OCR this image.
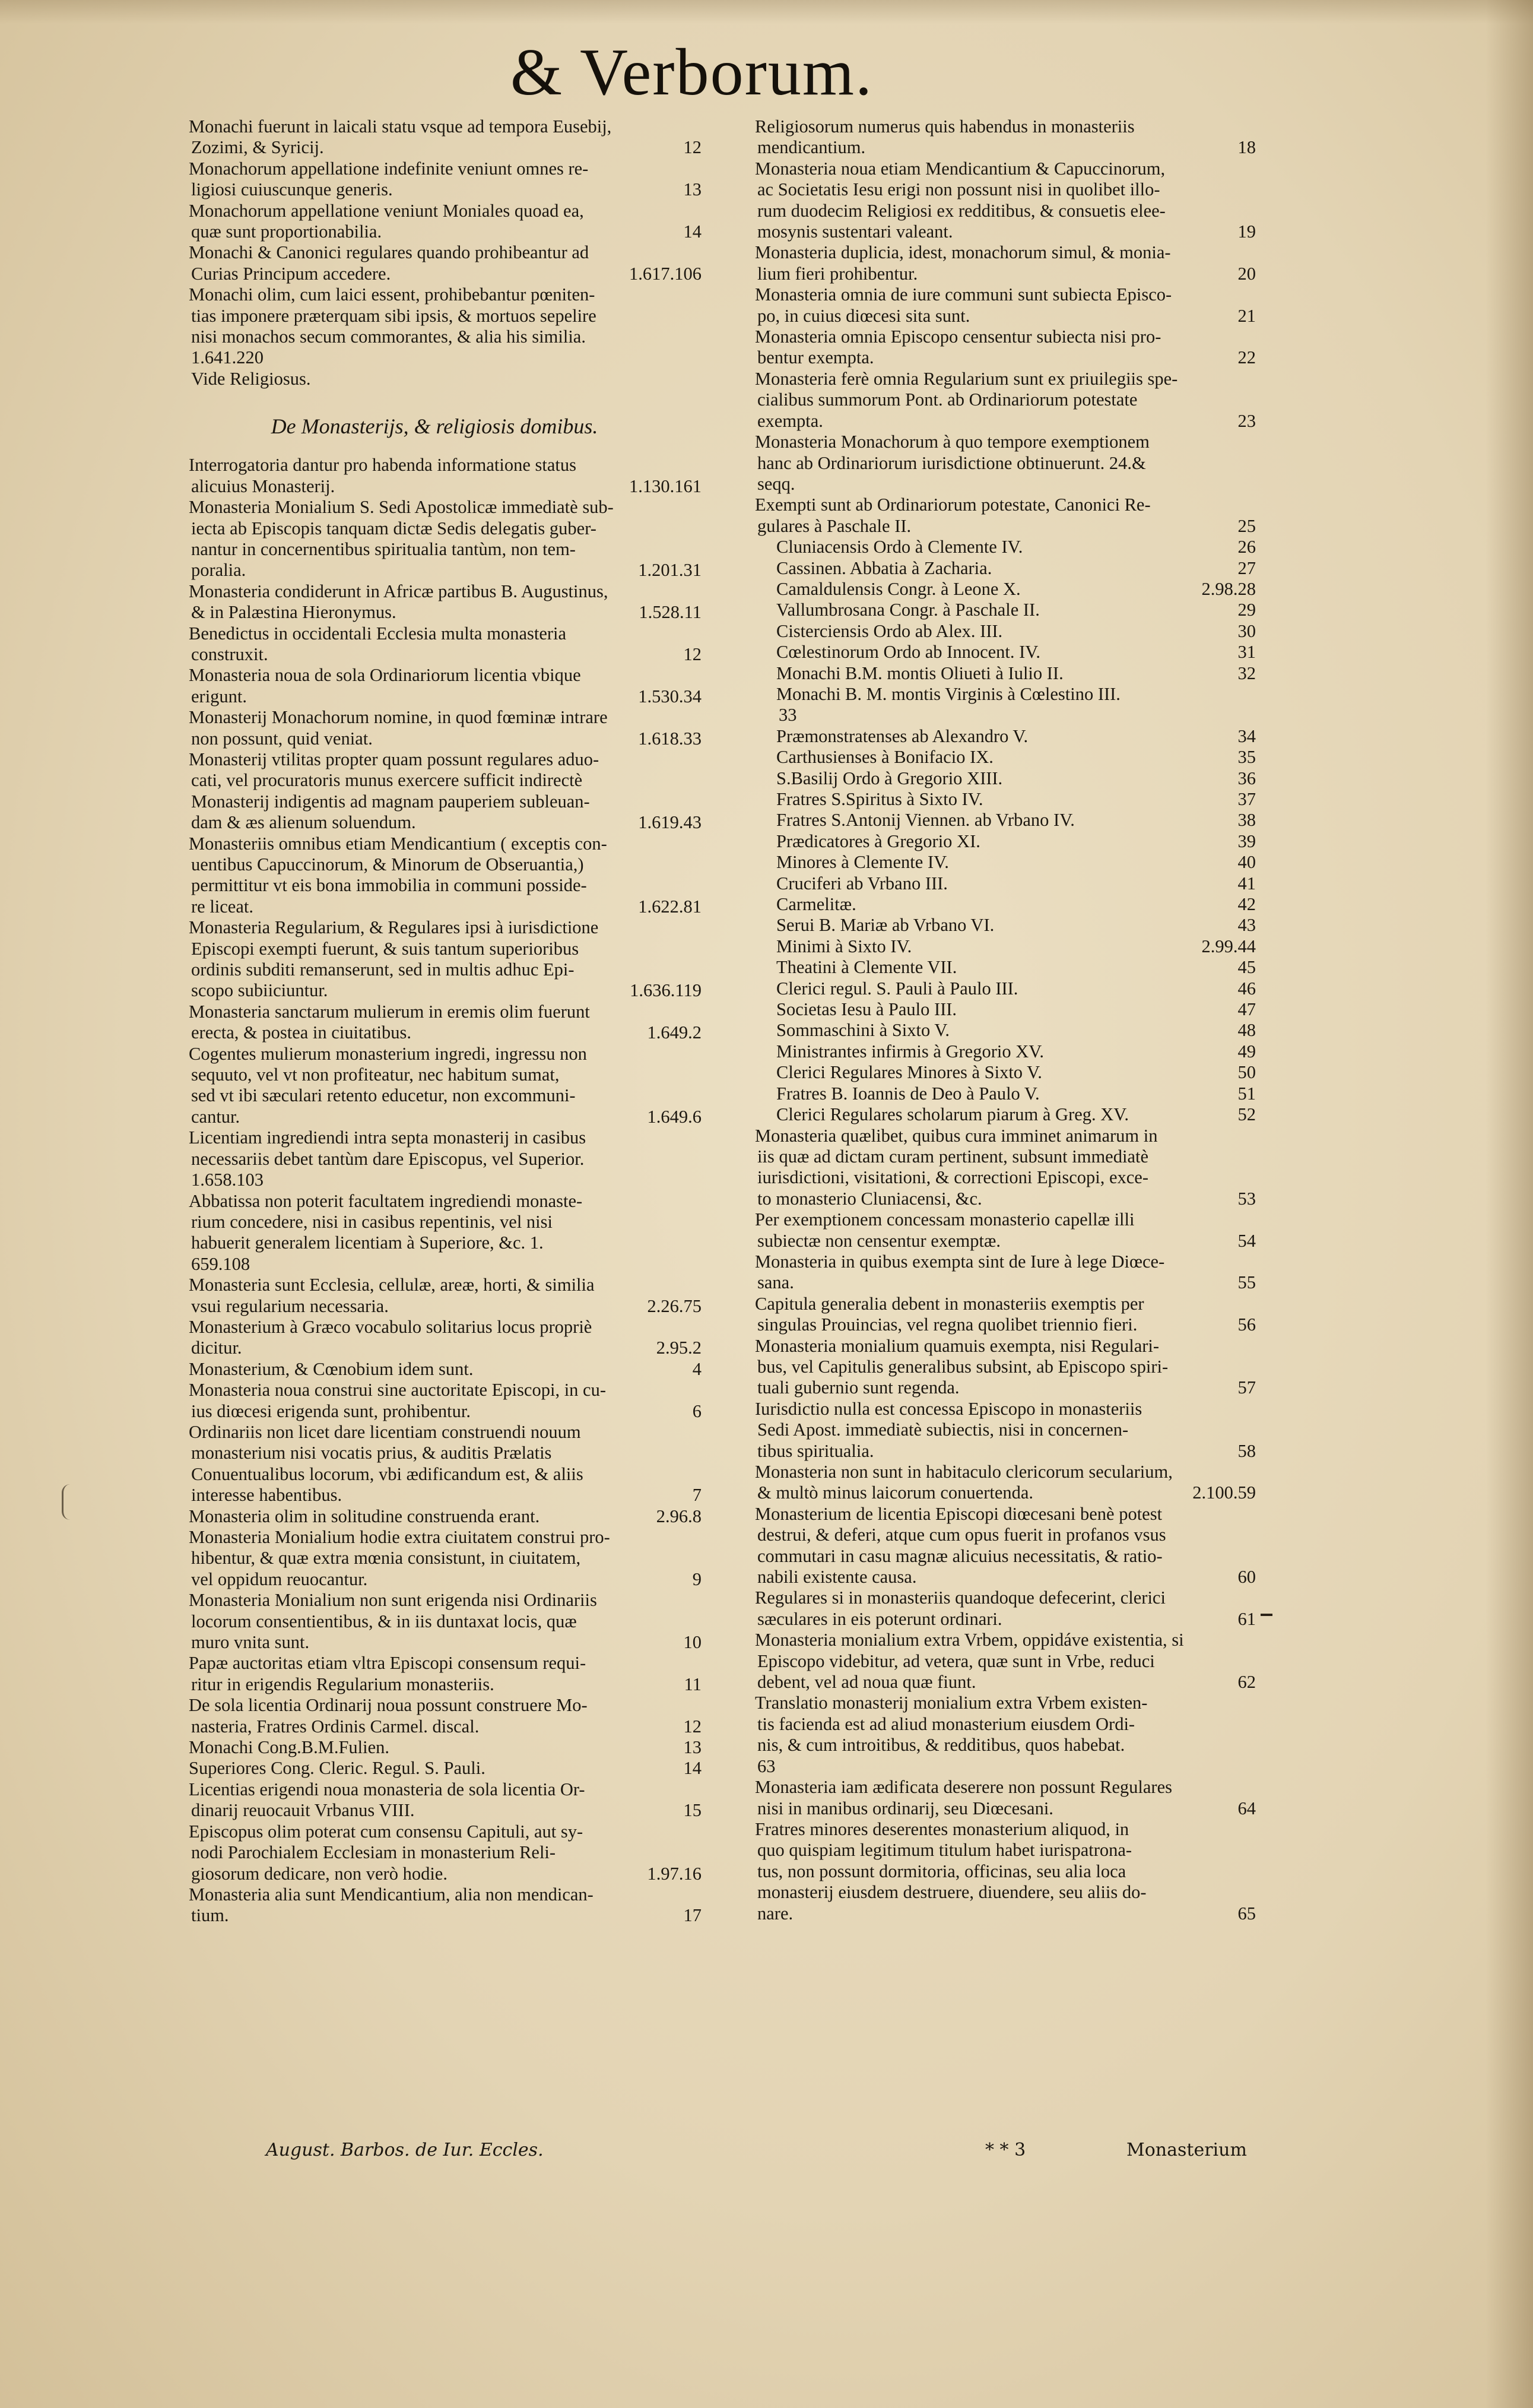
& Verborum.
Monachi fuerunt in laicali statu vsque ad tempora Eusebij,
Zozimi, & Syricij.	12
Monachorum appellatione indefinite veniunt omnes re-
ligiosi cuiuscunque generis.	13
Monachorum appellatione veniunt Moniales quoad ea,
quæ sunt proportionabilia.	14
Monachi & Canonici regulares quando prohibeantur ad
Curias Principum accedere.	1.617.106
Monachi olim, cum laici essent, prohibebantur pœniten-
tias imponere præterquam sibi ipsis, & mortuos sepelire
nisi monachos secum commorantes, & alia his similia.
1.641.220
Vide Religiosus.
De Monasterijs, & religiosis domibus.
Interrogatoria dantur pro habenda informatione status
alicuius Monasterij.	1.130.161
Monasteria Monialium S. Sedi Apostolicæ immediatè sub-
iecta ab Episcopis tanquam dictæ Sedis delegatis guber-
nantur in concernentibus spiritualia tantùm, non tem-
poralia.	1.201.31
Monasteria condiderunt in Africæ partibus B. Augustinus,
& in Palæstina Hieronymus.	1.528.11
Benedictus in occidentali Ecclesia multa monasteria
construxit.	12
Monasteria noua de sola Ordinariorum licentia vbique
erigunt.	1.530.34
Monasterij Monachorum nomine, in quod fœminæ intrare
non possunt, quid veniat.	1.618.33
Monasterij vtilitas propter quam possunt regulares aduo-
cati, vel procuratoris munus exercere sufficit indirectè
Monasterij indigentis ad magnam pauperiem subleuan-
dam & æs alienum soluendum.	1.619.43
Monasteriis omnibus etiam Mendicantium ( exceptis con-
uentibus Capuccinorum, & Minorum de Obseruantia,)
permittitur vt eis bona immobilia in communi possidе-
re liceat.	1.622.81
Monasteria Regularium, & Regulares ipsi à iurisdictione
Episcopi exempti fuerunt, & suis tantum superioribus
ordinis subditi remanserunt, sed in multis adhuc Epi-
scopo subiiciuntur.	1.636.119
Monasteria sanctarum mulierum in eremis olim fuerunt
erecta, & postea in ciuitatibus.	1.649.2
Cogentes mulierum monasterium ingredi, ingressu non
sequuto, vel vt non profiteatur, nec habitum sumat,
sed vt ibi sæculari retento educetur, non excommuni-
cantur.	1.649.6
Licentiam ingrediendi intra septa monasterij in casibus
necessariis debet tantùm dare Episcopus, vel Superior.
1.658.103
Abbatissa non poterit facultatem ingrediendi monaste-
rium concedere, nisi in casibus repentinis, vel nisi
habuerit generalem licentiam à Superiore, &c. 1.
659.108
Monasteria sunt Ecclesia, cellulæ, areæ, horti, & similia
vsui regularium necessaria.	2.26.75
Monasterium à Græco vocabulo solitarius locus propriè
dicitur.	2.95.2
Monasterium, & Cœnobium idem sunt.	4
Monasteria noua construi sine auctoritate Episcopi, in cu-
ius diœcesi erigenda sunt, prohibentur.	6
Ordinariis non licet dare licentiam construendi nouum
monasterium nisi vocatis prius, & auditis Prælatis
Conuentualibus locorum, vbi ædificandum est, & aliis
interesse habentibus.	7
Monasteria olim in solitudine construenda erant.	2.96.8
Monasteria Monialium hodie extra ciuitatem construi pro-
hibentur, & quæ extra mœnia consistunt, in ciuitatem,
vel oppidum reuocantur.	9
Monasteria Monialium non sunt erigenda nisi Ordinariis
locorum consentientibus, & in iis duntaxat locis, quæ
muro vnita sunt.	10
Papæ auctoritas etiam vltra Episcopi consensum requi-
ritur in erigendis Regularium monasteriis.	11
De sola licentia Ordinarij noua possunt construere Mo-
nasteria, Fratres Ordinis Carmel. discal.	12
Monachi Cong.B.M.Fulien.	13
Superiores Cong. Cleric. Regul. S. Pauli.	14
Licentias erigendi noua monasteria de sola licentia Or-
dinarij reuocauit Vrbanus VIII.	15
Episcopus olim poterat cum consensu Capituli, aut sy-
nodi Parochialem Ecclesiam in monasterium Reli-
giosorum dedicare, non verò hodie.	1.97.16
Monasteria alia sunt Mendicantium, alia non mendican-
tium.	17
Religiosorum numerus quis habendus in monasteriis
mendicantium.	18
Monasteria noua etiam Mendicantium & Capuccinorum,
ac Societatis Iesu erigi non possunt nisi in quolibet illo-
rum duodecim Religiosi ex redditibus, & consuetis elee-
mosynis sustentari valeant.	19
Monasteria duplicia, idest, monachorum simul, & monia-
lium fieri prohibentur.	20
Monasteria omnia de iure communi sunt subiecta Episco-
po, in cuius diœcesi sita sunt.	21
Monasteria omnia Episcopo censentur subiecta nisi pro-
bentur exempta.	22
Monasteria ferè omnia Regularium sunt ex priuilegiis spe-
cialibus summorum Pont. ab Ordinariorum potestate
exempta.	23
Monasteria Monachorum à quo tempore exemptionem
hanc ab Ordinariorum iurisdictione obtinuerunt. 24.&
seqq.
Exempti sunt ab Ordinariorum potestate, Canonici Re-
gulares à Paschale II.	25
Cluniacensis Ordo à Clemente IV.	26
Cassinen. Abbatia à Zacharia.	27
Camaldulensis Congr. à Leone X.	2.98.28
Vallumbrosana Congr. à Paschale II.	29
Cisterciensis Ordo ab Alex. III.	30
Cœlestinorum Ordo ab Innocent. IV.	31
Monachi B.M. montis Oliueti à Iulio II.	32
Monachi B. M. montis Virginis à Cœlestino III.
33
Præmonstratenses ab Alexandro V.	34
Carthusienses à Bonifacio IX.	35
S.Basilij Ordo à Gregorio XIII.	36
Fratres S.Spiritus à Sixto IV.	37
Fratres S.Antonij Viennen. ab Vrbano IV.	38
Prædicatores à Gregorio XI.	39
Minores à Clemente IV.	40
Cruciferi ab Vrbano III.	41
Carmelitæ.	42
Serui B. Mariæ ab Vrbano VI.	43
Minimi à Sixto IV.	2.99.44
Theatini à Clemente VII.	45
Clerici regul. S. Pauli à Paulo III.	46
Societas Iesu à Paulo III.	47
Sommaschini à Sixto V.	48
Ministrantes infirmis à Gregorio XV.	49
Clerici Regulares Minores à Sixto V.	50
Fratres B. Ioannis de Deo à Paulo V.	51
Clerici Regulares scholarum piarum à Greg. XV.	52
Monasteria quælibet, quibus cura imminet animarum in
iis quæ ad dictam curam pertinent, subsunt immediatè
iurisdictioni, visitationi, & correctioni Episcopi, exce-
to monasterio Cluniacensi, &c.	53
Per exemptionem concessam monasterio capellæ illi
subiectæ non censentur exemptæ.	54
Monasteria in quibus exempta sint de Iure à lege Diœce-
sana.	55
Capitula generalia debent in monasteriis exemptis per
singulas Prouincias, vel regna quolibet triennio fieri.	56
Monasteria monialium quamuis exempta, nisi Regulari-
bus, vel Capitulis generalibus subsint, ab Episcopo spiri-
tuali gubernio sunt regenda.	57
Iurisdictio nulla est concessa Episcopo in monasteriis
Sedi Apost. immediatè subiectis, nisi in concernen-
tibus spiritualia.	58
Monasteria non sunt in habitaculo clericorum secularium,
& multò minus laicorum conuertenda.	2.100.59
Monasterium de licentia Episcopi diœcesani benè potest
destrui, & deferi, atque cum opus fuerit in profanos vsus
commutari in casu magnæ alicuius necessitatis, & ratio-
nabili existente causa.	60
Regulares si in monasteriis quandoque defecerint, clerici
sæculares in eis poterunt ordinari.	61
Monasteria monialium extra Vrbem, oppidáve existentia, si
Episcopo videbitur, ad vetera, quæ sunt in Vrbe, reduci
debent, vel ad noua quæ fiunt.	62
Translatio monasterij monialium extra Vrbem existen-
tis facienda est ad aliud monasterium eiusdem Ordi-
nis, & cum introitibus, & redditibus, quos habebat.
63
Monasteria iam ædificata deserere non possunt Regulares
nisi in manibus ordinarij, seu Diœcesani.	64
Fratres minores deserentes monasterium aliquod, in
quo quispiam legitimum titulum habet iurispatrona-
tus, non possunt dormitoria, officinas, seu alia loca
monasterij eiusdem destruere, diuendere, seu aliis do-
nare.	65
August. Barbos. de Iur. Eccles.	* * 3	Monasterium
